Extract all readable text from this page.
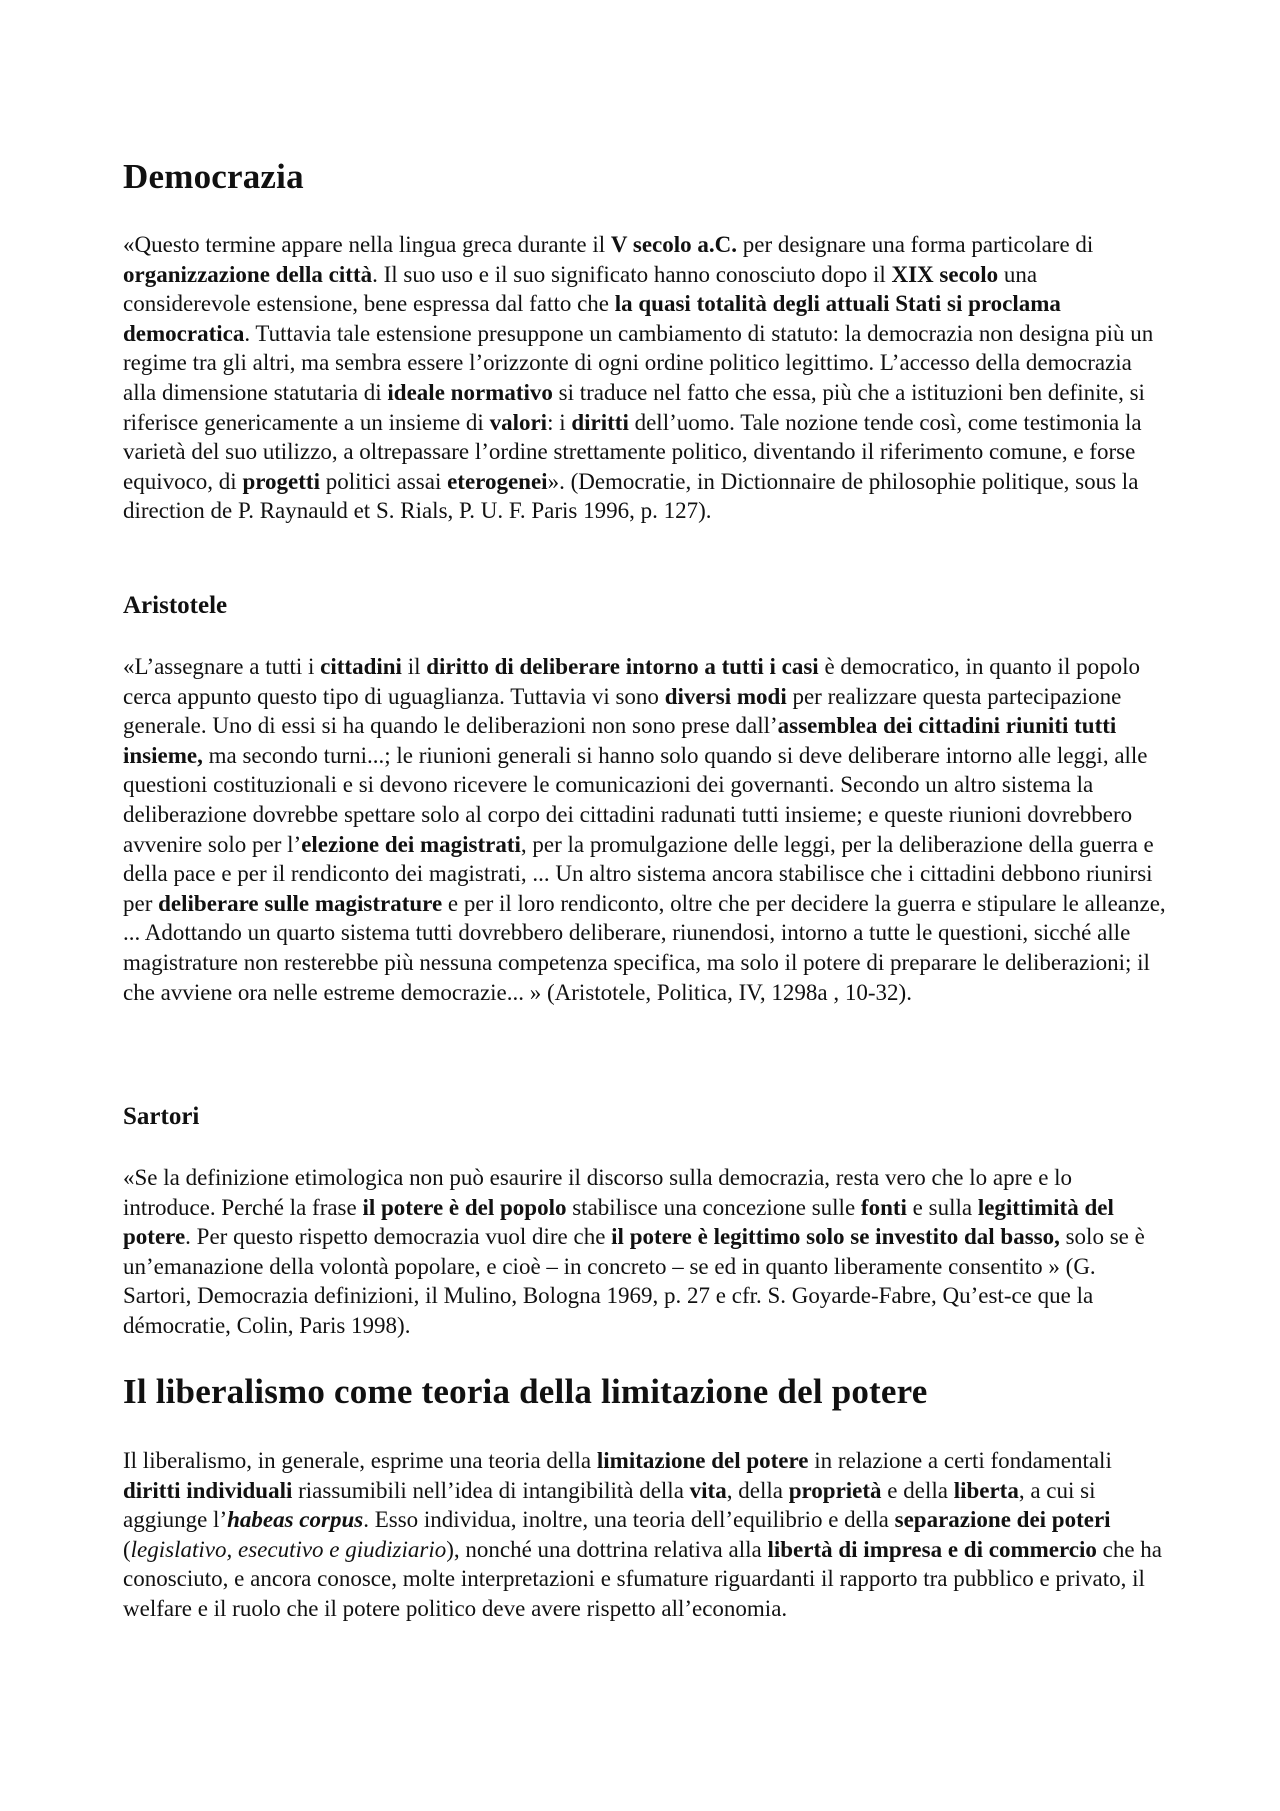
Democrazia

«Questo termine appare nella lingua greca durante il V secolo a.C. per designare una forma particolare di organizzazione della città. Il suo uso e il suo significato hanno conosciuto dopo il XIX secolo una considerevole estensione, bene espressa dal fatto che la quasi totalità degli attuali Stati si proclama democratica. Tuttavia tale estensione presuppone un cambiamento di statuto: la democrazia non designa più un regime tra gli altri, ma sembra essere l’orizzonte di ogni ordine politico legittimo. L’accesso della democrazia alla dimensione statutaria di ideale normativo si traduce nel fatto che essa, più che a istituzioni ben definite, si riferisce genericamente a un insieme di valori: i diritti dell’uomo. Tale nozione tende così, come testimonia la varietà del suo utilizzo, a oltrepassare l’ordine strettamente politico, diventando il riferimento comune, e forse equivoco, di progetti politici assai eterogenei». (Democratie, in Dictionnaire de philosophie politique, sous la direction de P. Raynauld et S. Rials, P. U. F. Paris 1996, p. 127).

Aristotele

«L’assegnare a tutti i cittadini il diritto di deliberare intorno a tutti i casi è democratico, in quanto il popolo cerca appunto questo tipo di uguaglianza. Tuttavia vi sono diversi modi per realizzare questa partecipazione generale. Uno di essi si ha quando le deliberazioni non sono prese dall’assemblea dei cittadini riuniti tutti insieme, ma secondo turni...; le riunioni generali si hanno solo quando si deve deliberare intorno alle leggi, alle questioni costituzionali e si devono ricevere le comunicazioni dei governanti. Secondo un altro sistema la deliberazione dovrebbe spettare solo al corpo dei cittadini radunati tutti insieme; e queste riunioni dovrebbero avvenire solo per l’elezione dei magistrati, per la promulgazione delle leggi, per la deliberazione della guerra e della pace e per il rendiconto dei magistrati, ... Un altro sistema ancora stabilisce che i cittadini debbono riunirsi per deliberare sulle magistrature e per il loro rendiconto, oltre che per decidere la guerra e stipulare le alleanze, ... Adottando un quarto sistema tutti dovrebbero deliberare, riunendosi, intorno a tutte le questioni, sicché alle magistrature non resterebbe più nessuna competenza specifica, ma solo il potere di preparare le deliberazioni; il che avviene ora nelle estreme democrazie... » (Aristotele, Politica, IV, 1298a , 10-32).

Sartori

«Se la definizione etimologica non può esaurire il discorso sulla democrazia, resta vero che lo apre e lo introduce. Perché la frase il potere è del popolo stabilisce una concezione sulle fonti e sulla legittimità del potere. Per questo rispetto democrazia vuol dire che il potere è legittimo solo se investito dal basso, solo se è un’emanazione della volontà popolare, e cioè – in concreto – se ed in quanto liberamente consentito » (G. Sartori, Democrazia definizioni, il Mulino, Bologna 1969, p. 27 e cfr. S. Goyarde-Fabre, Qu’est-ce que la démocratie, Colin, Paris 1998).

Il liberalismo come teoria della limitazione del potere

Il liberalismo, in generale, esprime una teoria della limitazione del potere in relazione a certi fondamentali diritti individuali riassumibili nell’idea di intangibilità della vita, della proprietà e della liberta, a cui si aggiunge l’habeas corpus. Esso individua, inoltre, una teoria dell’equilibrio e della separazione dei poteri (legislativo, esecutivo e giudiziario), nonché una dottrina relativa alla libertà di impresa e di commercio che ha conosciuto, e ancora conosce, molte interpretazioni e sfumature riguardanti il rapporto tra pubblico e privato, il welfare e il ruolo che il potere politico deve avere rispetto all’economia.
